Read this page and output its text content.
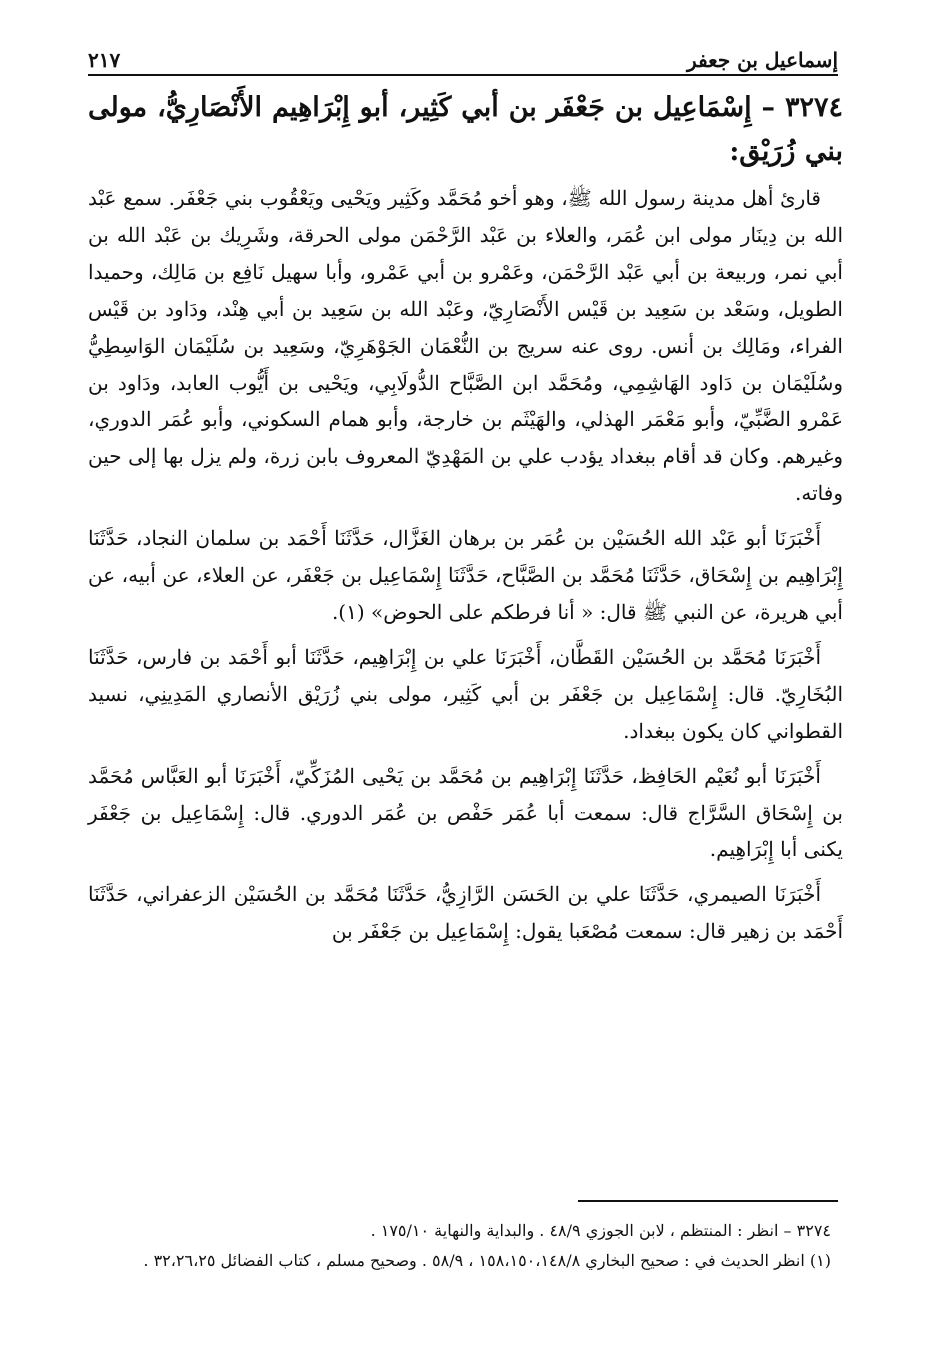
إسماعيل بن جعفر
٢١٧
٣٢٧٤ – إِسْمَاعِيل بن جَعْفَر بن أبي كَثِير، أبو إِبْرَاهِيم الأَنْصَارِيُّ، مولى بني زُرَيْق:

قارئ أهل مدينة رسول الله ﷺ، وهو أخو مُحَمَّد وكَثِير ويَحْيى ويَعْقُوب بني جَعْفَر. سمع عَبْد الله بن دِينَار مولى ابن عُمَر، والعلاء بن عَبْد الرَّحْمَن مولى الحرقة، وشَرِيك بن عَبْد الله بن أبي نمر، وربيعة بن أبي عَبْد الرَّحْمَن، وعَمْرو بن أبي عَمْرو، وأبا سهيل نَافِع بن مَالِك، وحميدا الطويل، وسَعْد بن سَعِيد بن قَيْس الأَنْصَارِيّ، وعَبْد الله بن سَعِيد بن أبي هِنْد، ودَاود بن قَيْس الفراء، ومَالِك بن أنس. روى عنه سريج بن النُّعْمَان الجَوْهَرِيّ، وسَعِيد بن سُلَيْمَان الوَاسِطِيُّ وسُلَيْمَان بن دَاود الهَاشِمِي، ومُحَمَّد ابن الصَّبَّاح الدُّولَابِي، ويَحْيى بن أَيُّوب العابد، ودَاود بن عَمْرو الضَّبِّيّ، وأبو مَعْمَر الهذلي، والهَيْثَم بن خارجة، وأبو همام السكوني، وأبو عُمَر الدوري، وغيرهم. وكان قد أقام ببغداد يؤدب علي بن المَهْدِيّ المعروف بابن زرة، ولم يزل بها إلى حين وفاته.

أَخْبَرَنَا أبو عَبْد الله الحُسَيْن بن عُمَر بن برهان الغَزَّال، حَدَّثَنَا أَحْمَد بن سلمان النجاد، حَدَّثَنَا إِبْرَاهِيم بن إِسْحَاق، حَدَّثَنَا مُحَمَّد بن الصَّبَّاح، حَدَّثَنَا إِسْمَاعِيل بن جَعْفَر، عن العلاء، عن أبيه، عن أبي هريرة، عن النبي ﷺ قال: « أنا فرطكم على الحوض» (١).

أَخْبَرَنَا مُحَمَّد بن الحُسَيْن القَطَّان، أَخْبَرَنَا علي بن إِبْرَاهِيم، حَدَّثَنَا أبو أَحْمَد بن فارس، حَدَّثَنَا البُخَارِيّ. قال: إِسْمَاعِيل بن جَعْفَر بن أبي كَثِير، مولى بني زُرَيْق الأنصاري المَدِينِي، نسيد القطواني كان يكون ببغداد.

أَخْبَرَنَا أبو نُعَيْم الحَافِظ، حَدَّثَنَا إِبْرَاهِيم بن مُحَمَّد بن يَحْيى المُزَكِّيّ، أَخْبَرَنَا أبو العَبَّاس مُحَمَّد بن إِسْحَاق السَّرَّاج قال: سمعت أبا عُمَر حَفْص بن عُمَر الدوري. قال: إِسْمَاعِيل بن جَعْفَر يكنى أبا إِبْرَاهِيم.

أَخْبَرَنَا الصيمري، حَدَّثَنَا علي بن الحَسَن الرَّازِيُّ، حَدَّثَنَا مُحَمَّد بن الحُسَيْن الزعفراني، حَدَّثَنَا أَحْمَد بن زهير قال: سمعت مُصْعَبا يقول: إِسْمَاعِيل بن جَعْفَر بن

٣٢٧٤ – انظر : المنتظم ، لابن الجوزي ٤٨/٩ . والبداية والنهاية ١٧٥/١٠ .
(١) انظر الحديث في : صحيح البخاري ١٥٨،١٥٠،١٤٨/٨ ، ٥٨/٩ . وصحيح مسلم ، كتاب الفضائل ٣٢،٢٦،٢٥ .
